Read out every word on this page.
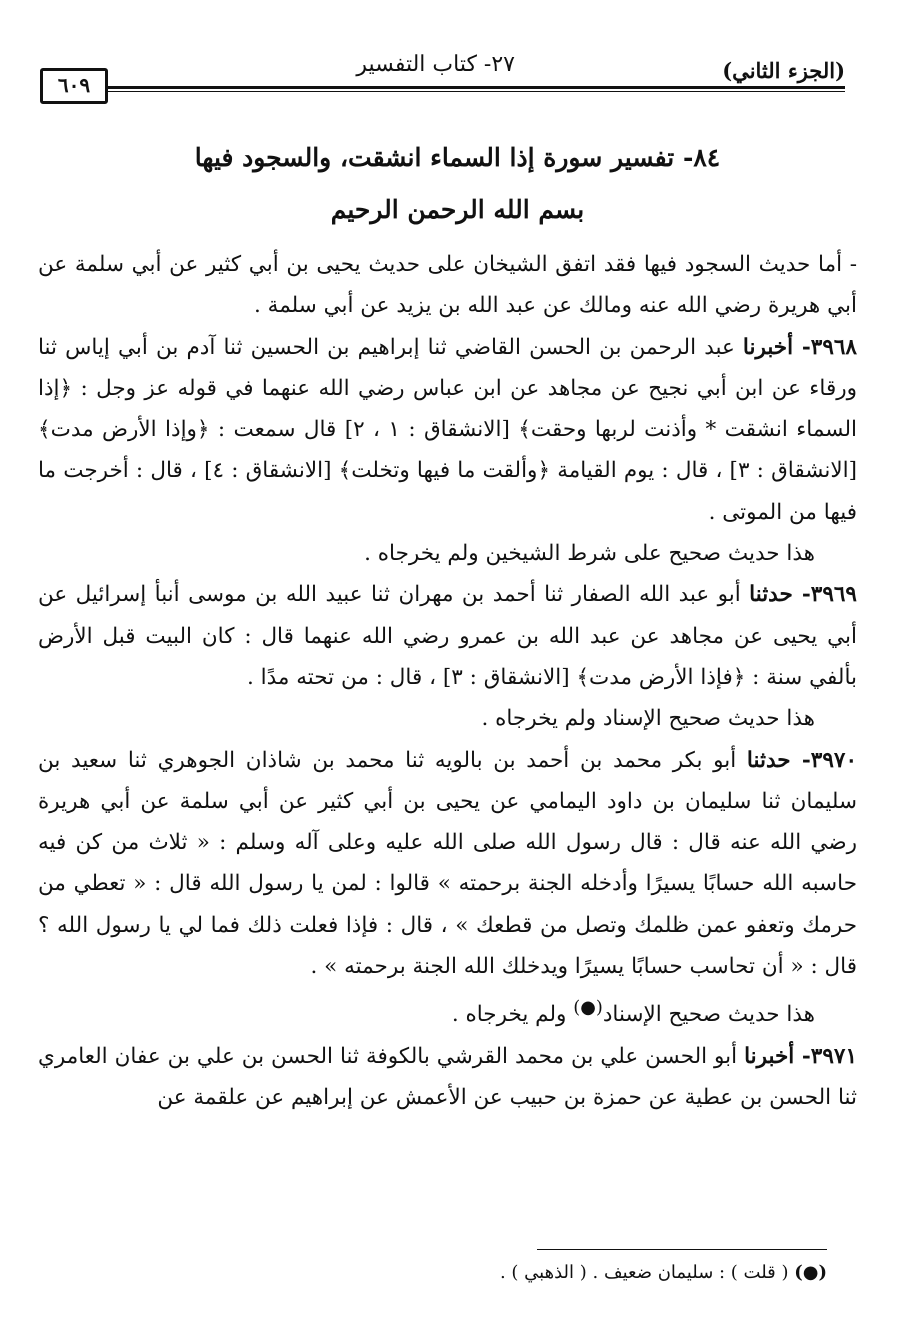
(الجزء الثاني)
٢٧- كتاب التفسير
٦٠٩
٨٤- تفسير سورة إذا السماء انشقت، والسجود فيها
بسم الله الرحمن الرحيم

- أما حديث السجود فيها فقد اتفق الشيخان على حديث يحيى بن أبي كثير عن أبي سلمة عن أبي هريرة رضي الله عنه ومالك عن عبد الله بن يزيد عن أبي سلمة .

٣٩٦٨- أخبرنا عبد الرحمن بن الحسن القاضي ثنا إبراهيم بن الحسين ثنا آدم بن أبي إياس ثنا ورقاء عن ابن أبي نجيح عن مجاهد عن ابن عباس رضي الله عنهما في قوله عز وجل : ﴿إذا السماء انشقت * وأذنت لربها وحقت﴾ [الانشقاق : ١ ، ٢] قال سمعت : ﴿وإذا الأرض مدت﴾ [الانشقاق : ٣] ، قال : يوم القيامة ﴿وألقت ما فيها وتخلت﴾ [الانشقاق : ٤] ، قال : أخرجت ما فيها من الموتى .

هذا حديث صحيح على شرط الشيخين ولم يخرجاه .

٣٩٦٩- حدثنا أبو عبد الله الصفار ثنا أحمد بن مهران ثنا عبيد الله بن موسى أنبأ إسرائيل عن أبي يحيى عن مجاهد عن عبد الله بن عمرو رضي الله عنهما قال : كان البيت قبل الأرض بألفي سنة : ﴿فإذا الأرض مدت﴾ [الانشقاق : ٣] ، قال : من تحته مدًا .

هذا حديث صحيح الإسناد ولم يخرجاه .

٣٩٧٠- حدثنا أبو بكر محمد بن أحمد بن بالويه ثنا محمد بن شاذان الجوهري ثنا سعيد بن سليمان ثنا سليمان بن داود اليمامي عن يحيى بن أبي كثير عن أبي سلمة عن أبي هريرة رضي الله عنه قال : قال رسول الله صلى الله عليه وعلى آله وسلم : « ثلاث من كن فيه حاسبه الله حسابًا يسيرًا وأدخله الجنة برحمته » قالوا : لمن يا رسول الله قال : « تعطي من حرمك وتعفو عمن ظلمك وتصل من قطعك » ، قال : فإذا فعلت ذلك فما لي يا رسول الله ؟ قال : « أن تحاسب حسابًا يسيرًا ويدخلك الله الجنة برحمته » .

هذا حديث صحيح الإسناد(●) ولم يخرجاه .

٣٩٧١- أخبرنا أبو الحسن علي بن محمد القرشي بالكوفة ثنا الحسن بن علي بن عفان العامري ثنا الحسن بن عطية عن حمزة بن حبيب عن الأعمش عن إبراهيم عن علقمة عن

(●) ( قلت ) : سليمان ضعيف . ( الذهبي ) .
